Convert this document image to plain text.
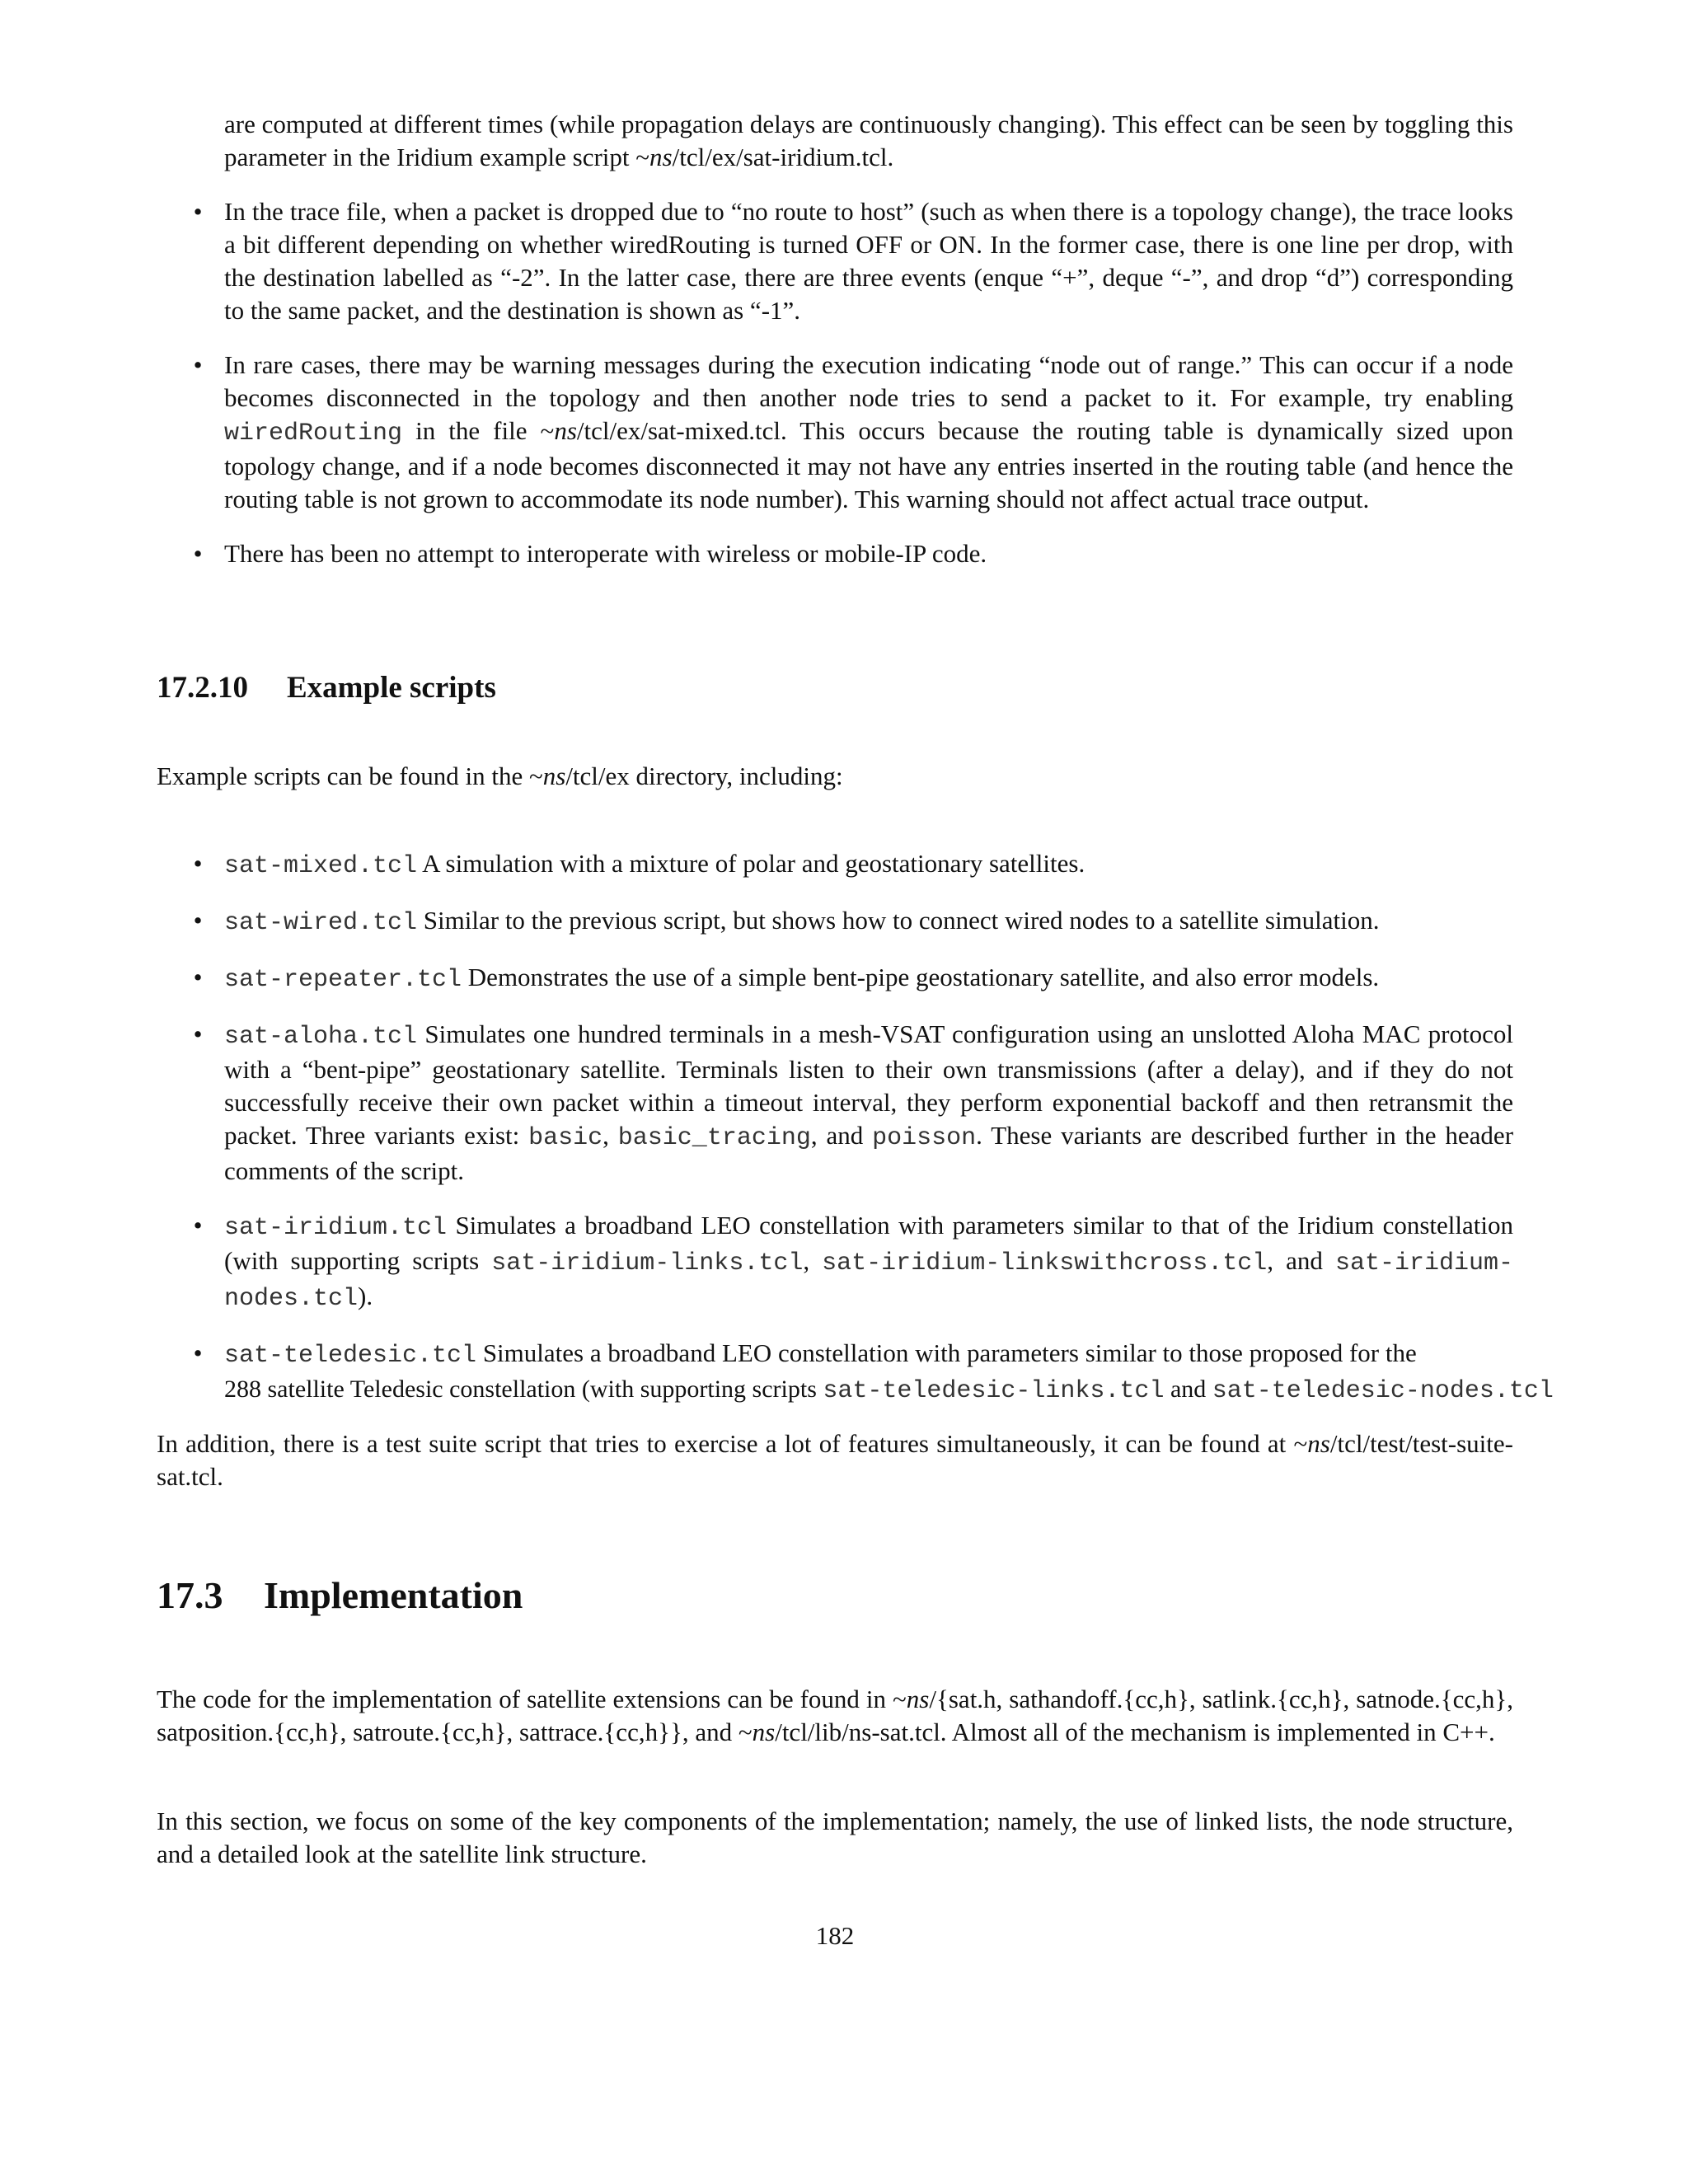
are computed at different times (while propagation delays are continuously changing). This effect can be seen by toggling this parameter in the Iridium example script ~ns/tcl/ex/sat-iridium.tcl.

• In the trace file, when a packet is dropped due to “no route to host” (such as when there is a topology change), the trace looks a bit different depending on whether wiredRouting is turned OFF or ON. In the former case, there is one line per drop, with the destination labelled as “-2”. In the latter case, there are three events (enque “+”, deque “-”, and drop “d”) corresponding to the same packet, and the destination is shown as “-1”.
• In rare cases, there may be warning messages during the execution indicating “node out of range.” This can occur if a node becomes disconnected in the topology and then another node tries to send a packet to it. For example, try enabling wiredRouting in the file ~ns/tcl/ex/sat-mixed.tcl. This occurs because the routing table is dynamically sized upon topology change, and if a node becomes disconnected it may not have any entries inserted in the routing table (and hence the routing table is not grown to accommodate its node number). This warning should not affect actual trace output.
• There has been no attempt to interoperate with wireless or mobile-IP code.
17.2.10 Example scripts

Example scripts can be found in the ~ns/tcl/ex directory, including:

• sat-mixed.tcl A simulation with a mixture of polar and geostationary satellites.
• sat-wired.tcl Similar to the previous script, but shows how to connect wired nodes to a satellite simulation.
• sat-repeater.tcl Demonstrates the use of a simple bent-pipe geostationary satellite, and also error models.
• sat-aloha.tcl Simulates one hundred terminals in a mesh-VSAT configuration using an unslotted Aloha MAC protocol with a “bent-pipe” geostationary satellite. Terminals listen to their own transmissions (after a delay), and if they do not successfully receive their own packet within a timeout interval, they perform exponential backoff and then retransmit the packet. Three variants exist: basic, basic_tracing, and poisson. These variants are described further in the header comments of the script.
• sat-iridium.tcl Simulates a broadband LEO constellation with parameters similar to that of the Iridium constellation (with supporting scripts sat-iridium-links.tcl, sat-iridium-linkswithcross.tcl, and sat-iridium-nodes.tcl).
• sat-teledesic.tcl Simulates a broadband LEO constellation with parameters similar to those proposed for the
288 satellite Teledesic constellation (with supporting scripts sat-teledesic-links.tcl and sat-teledesic-nodes.tcl

In addition, there is a test suite script that tries to exercise a lot of features simultaneously, it can be found at ~ns/tcl/test/test-suite-sat.tcl.

17.3 Implementation

The code for the implementation of satellite extensions can be found in ~ns/{sat.h, sathandoff.{cc,h}, satlink.{cc,h}, satnode.{cc,h}, satposition.{cc,h}, satroute.{cc,h}, sattrace.{cc,h}}, and ~ns/tcl/lib/ns-sat.tcl. Almost all of the mechanism is implemented in C++.

In this section, we focus on some of the key components of the implementation; namely, the use of linked lists, the node structure, and a detailed look at the satellite link structure.

182
